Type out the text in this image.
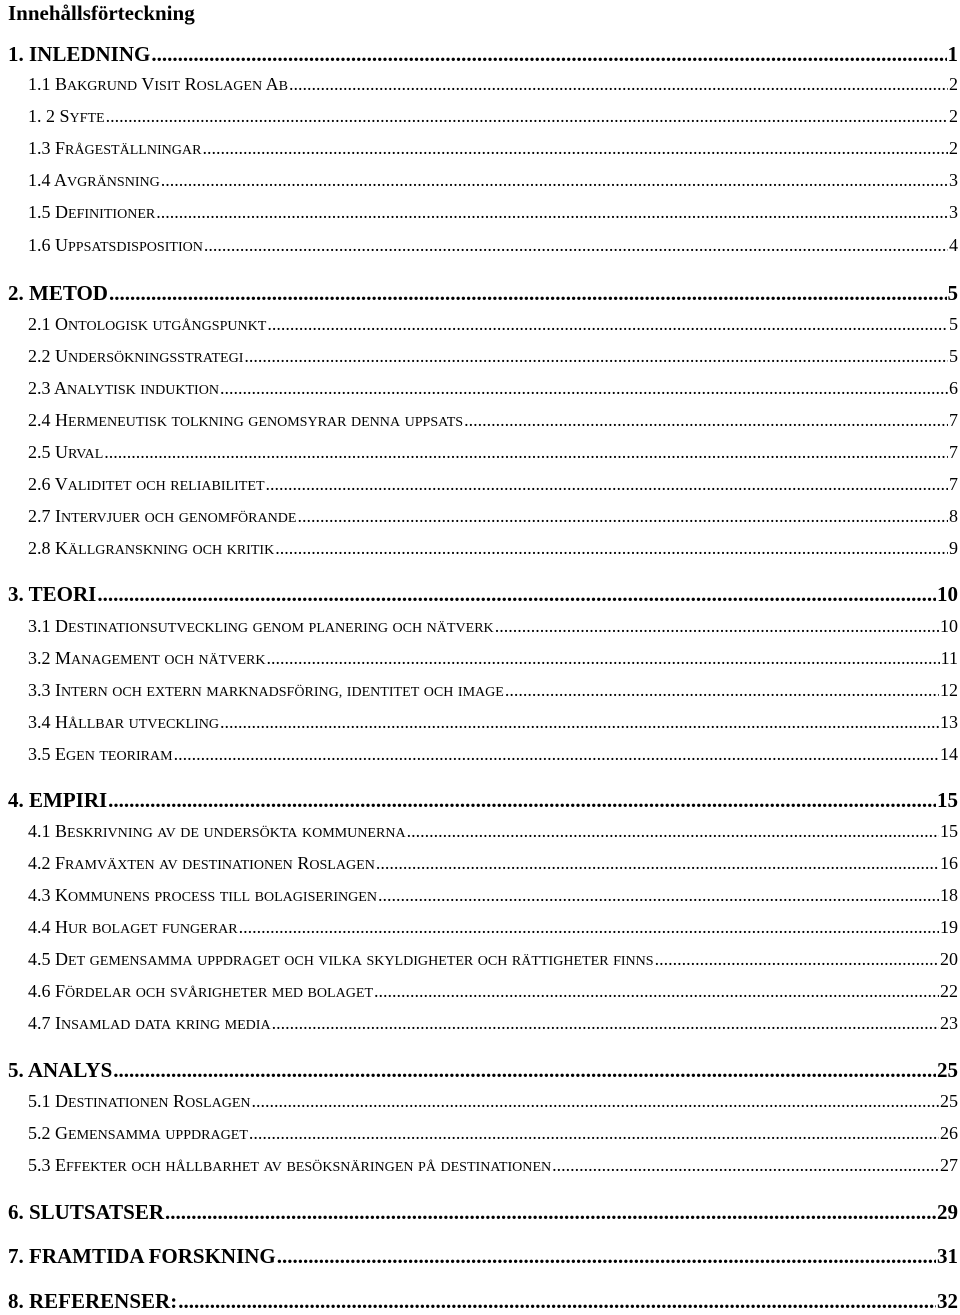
Innehållsförteckning
1. INLEDNING .....	1
1.1 BAKGRUND VISIT ROSLAGEN AB .....	2
1. 2 SYFTE .....	2
1.3 FRÅGESTÄLLNINGAR .....	2
1.4 AVGRÄNSNING .....	3
1.5 DEFINITIONER .....	3
1.6 UPPSATSDISPOSITION .....	4
2. METOD .....	5
2.1 ONTOLOGISK UTGÅNGSPUNKT .....	5
2.2 UNDERSÖKNINGSSTRATEGI .....	5
2.3 ANALYTISK INDUKTION .....	6
2.4 HERMENEUTISK TOLKNING GENOMSYRAR DENNA UPPSATS .....	7
2.5 URVAL .....	7
2.6 VALIDITET OCH RELIABILITET .....	7
2.7 INTERVJUER OCH GENOMFÖRANDE .....	8
2.8 KÄLLGRANSKNING OCH KRITIK .....	9
3. TEORI .....	10
3.1 DESTINATIONSUTVECKLING GENOM PLANERING OCH NÄTVERK .....	10
3.2 MANAGEMENT OCH NÄTVERK .....	11
3.3 INTERN OCH EXTERN MARKNADSFÖRING, IDENTITET OCH IMAGE .....	12
3.4 HÅLLBAR UTVECKLING .....	13
3.5 EGEN TEORIRAM .....	14
4. EMPIRI .....	15
4.1 BESKRIVNING AV DE UNDERSÖKTA KOMMUNERNA .....	15
4.2 FRAMVÄXTEN AV DESTINATIONEN ROSLAGEN .....	16
4.3 KOMMUNENS PROCESS TILL BOLAGISERINGEN .....	18
4.4 HUR BOLAGET FUNGERAR .....	19
4.5 DET GEMENSAMMA UPPDRAGET OCH VILKA SKYLDIGHETER OCH RÄTTIGHETER FINNS .....	20
4.6 FÖRDELAR OCH SVÅRIGHETER MED BOLAGET .....	22
4.7 INSAMLAD DATA KRING MEDIA .....	23
5. ANALYS .....	25
5.1 DESTINATIONEN ROSLAGEN .....	25
5.2 GEMENSAMMA UPPDRAGET .....	26
5.3 EFFEKTER OCH HÅLLBARHET AV BESÖKSNÄRINGEN PÅ DESTINATIONEN .....	27
6. SLUTSATSER .....	29
7. FRAMTIDA FORSKNING .....	31
8. REFERENSER: .....	32
